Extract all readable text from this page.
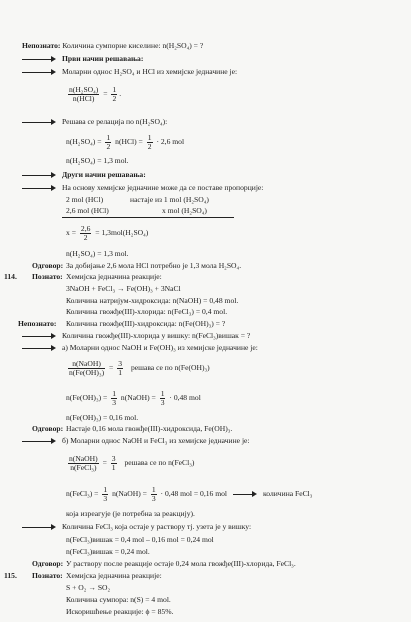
Непознато: Количина сумпорне киселине: n(H₂SO₄) = ?
Први начин решавања:
Моларни однос H₂SO₄ и HCl из хемијске једначине је:
$\frac{\text{n(H₂SO₄)}}{\text{n(HCl)}} = \frac{1}{2}$ .
Решава се релација по n(H₂SO₄):
$n(H_2SO_4) = \frac{1}{2} n(HCl) = \frac{1}{2} \cdot 2,6$ mol
n(H₂SO₄) = 1,3 mol.
Други начин решавања:
На основу хемијске једначине може да се поставе пропорције:
2 mol (HCl)	настаје из 1 mol (H₂SO₄)
2,6 mol (HCl)	x mol (H₂SO₄)
$x = \frac{2,6}{2} = 1,3mol(H_2SO_4)$
n(H₂SO₄) = 1,3 mol.
Одговор: За добијање 2,6 мола HCl потребно је 1,3 мола H₂SO₄.
114. Познато: Хемијска једначина реакције:
3NaOH + FeCl₃ → Fe(OH)₃ + 3NaCl
Количина натријум-хидроксида: n(NaOH) = 0,48 mol.
Количина гвожђе(III)-хлорида: n(FeCl₃) = 0,4 mol.
Непознато: Количина гвожђе(III)-хидроксида: n(Fe(OH)₃) = ?
Количина гвожђе(III)-хлорида у вишку: n(FeCl₃)вишак = ?
а) Моларни однос NaOH и Fe(OH)₃ из хемијске једначине је:
$\frac{\text{n(NaOH)}}{\text{n(Fe(OH)₃)}} = \frac{3}{1}$ решава се по n(Fe(OH)₃)
$n(Fe(OH)_3) = \frac{1}{3}$ n(NaOH) = $\frac{1}{3} \cdot 0,48$ mol
n(Fe(OH)₃) = 0,16 mol.
Одговор: Настаје 0,16 мола гвожђе(III)-хидроксида, Fe(OH)₃.
б) Моларни однос NaOH и FeCl₃ из хемијске једначине је:
$\frac{\text{n(NaOH)}}{\text{n(FeCl₃)}} = \frac{3}{1}$ решава се по n(FeCl₃)
n(FeCl₃) = $\frac{1}{3}$ n(NaOH) = $\frac{1}{3} \cdot 0,48$ mol = 0,16 mol	количина FeCl₃
која изреагује (је потребна за реакцију).
Количина FeCl₃ која остаје у раствору тј. узета је у вишку:
n(FeCl₃)вишак = 0,4 mol – 0,16 mol = 0,24 mol
n(FeCl₃)вишак = 0,24 mol.
Одговор: У раствору после реакције остаје 0,24 мола гвожђе(III)-хлорида, FeCl₃.
115. Познато: Хемијска једначина реакције:
S + O₂ → SO₂
Количина сумпора: n(S) = 4 mol.
Искоришћење реакције: ϕ = 85%.
